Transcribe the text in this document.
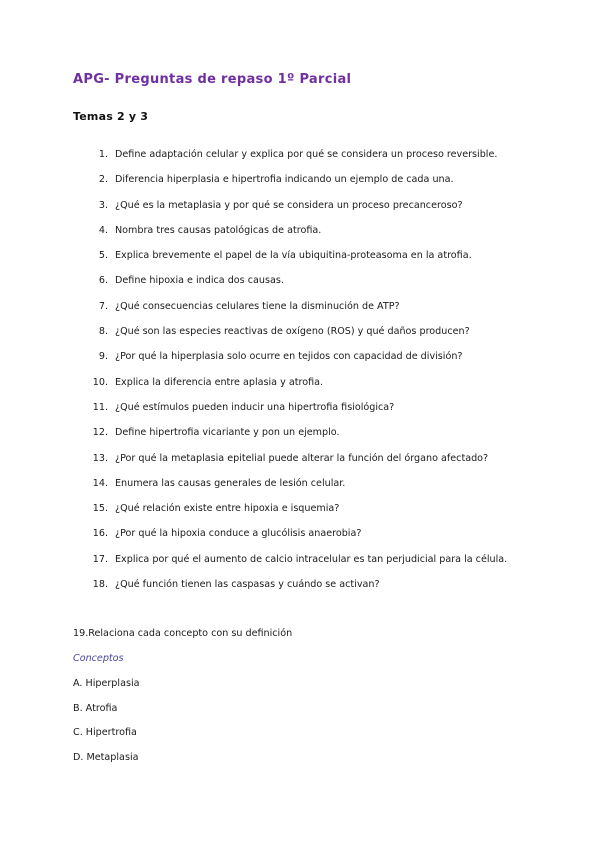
APG- Preguntas de repaso 1º Parcial
Temas 2 y 3
1. Define adaptación celular y explica por qué se considera un proceso reversible.
2. Diferencia hiperplasia e hipertrofia indicando un ejemplo de cada una.
3. ¿Qué es la metaplasia y por qué se considera un proceso precanceroso?
4. Nombra tres causas patológicas de atrofia.
5. Explica brevemente el papel de la vía ubiquitina-proteasoma en la atrofia.
6. Define hipoxia e indica dos causas.
7. ¿Qué consecuencias celulares tiene la disminución de ATP?
8. ¿Qué son las especies reactivas de oxígeno (ROS) y qué daños producen?
9. ¿Por qué la hiperplasia solo ocurre en tejidos con capacidad de división?
10. Explica la diferencia entre aplasia y atrofia.
11. ¿Qué estímulos pueden inducir una hipertrofia fisiológica?
12. Define hipertrofia vicariante y pon un ejemplo.
13. ¿Por qué la metaplasia epitelial puede alterar la función del órgano afectado?
14. Enumera las causas generales de lesión celular.
15. ¿Qué relación existe entre hipoxia e isquemia?
16. ¿Por qué la hipoxia conduce a glucólisis anaerobia?
17. Explica por qué el aumento de calcio intracelular es tan perjudicial para la célula.
18. ¿Qué función tienen las caspasas y cuándo se activan?
19.Relaciona cada concepto con su definición
Conceptos
A. Hiperplasia
B. Atrofia
C. Hipertrofia
D. Metaplasia
